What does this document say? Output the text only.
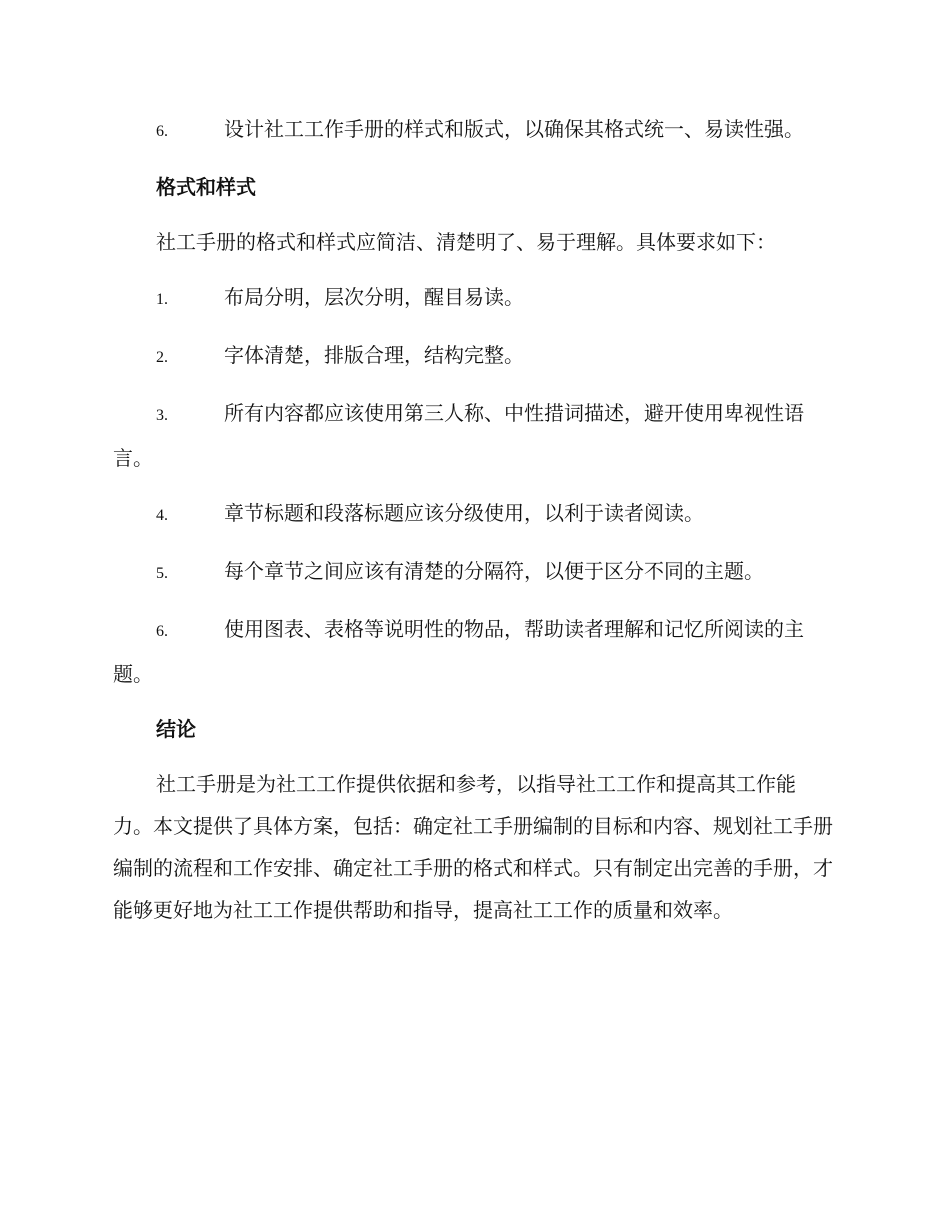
6.	设计社工工作手册的样式和版式，以确保其格式统一、易读性强。
格式和样式
社工手册的格式和样式应简洁、清楚明了、易于理解。具体要求如下：
1.	布局分明，层次分明，醒目易读。
2.	字体清楚，排版合理，结构完整。
3.	所有内容都应该使用第三人称、中性措词描述，避开使用卑视性语言。
4.	章节标题和段落标题应该分级使用，以利于读者阅读。
5.	每个章节之间应该有清楚的分隔符，以便于区分不同的主题。
6.	使用图表、表格等说明性的物品，帮助读者理解和记忆所阅读的主题。
结论
社工手册是为社工工作提供依据和参考，以指导社工工作和提高其工作能力。本文提供了具体方案，包括：确定社工手册编制的目标和内容、规划社工手册编制的流程和工作安排、确定社工手册的格式和样式。只有制定出完善的手册，才能够更好地为社工工作提供帮助和指导，提高社工工作的质量和效率。
